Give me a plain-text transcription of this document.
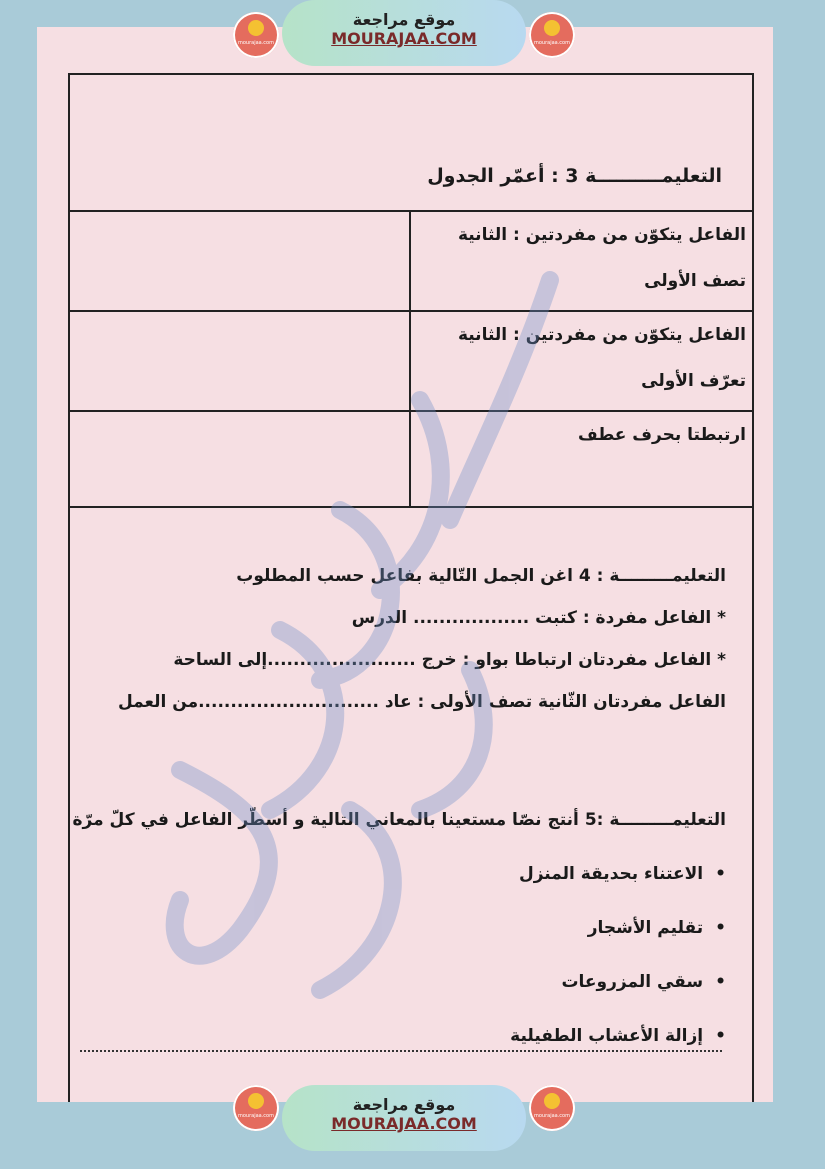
التعليمــــــــــة 3 : أعمّر الجدول
	الفاعل يتكوّن من مفردتين : الثانية تصف الأولى
	الفاعل يتكوّن من مفردتين : الثانية تعرّف الأولى
	ارتبطتا بحرف عطف
التعليمـــــــــة : 4 اغن الجمل التّالية بفاعل حسب المطلوب
* الفاعل مفردة : كتبت .................. الدرس
* الفاعل مفردتان ارتباطا بواو : خرج .......................إلى الساحة
الفاعل مفردتان الثّانية تصف الأولى : عاد ............................من العمل
التعليمـــــــــة :5 أنتج نصّا مستعينا بالمعاني التالية و أسطّر الفاعل في كلّ مرّة
• الاعتناء بحديقة المنزل
• تقليم الأشجار
• سقي المزروعات
• إزالة الأعشاب الطفيلية
موقع مراجعة
MOURAJAA.COM
mourajaa.com	mourajaa.com
موقع مراجعة
MOURAJAA.COM
mourajaa.com	mourajaa.com
